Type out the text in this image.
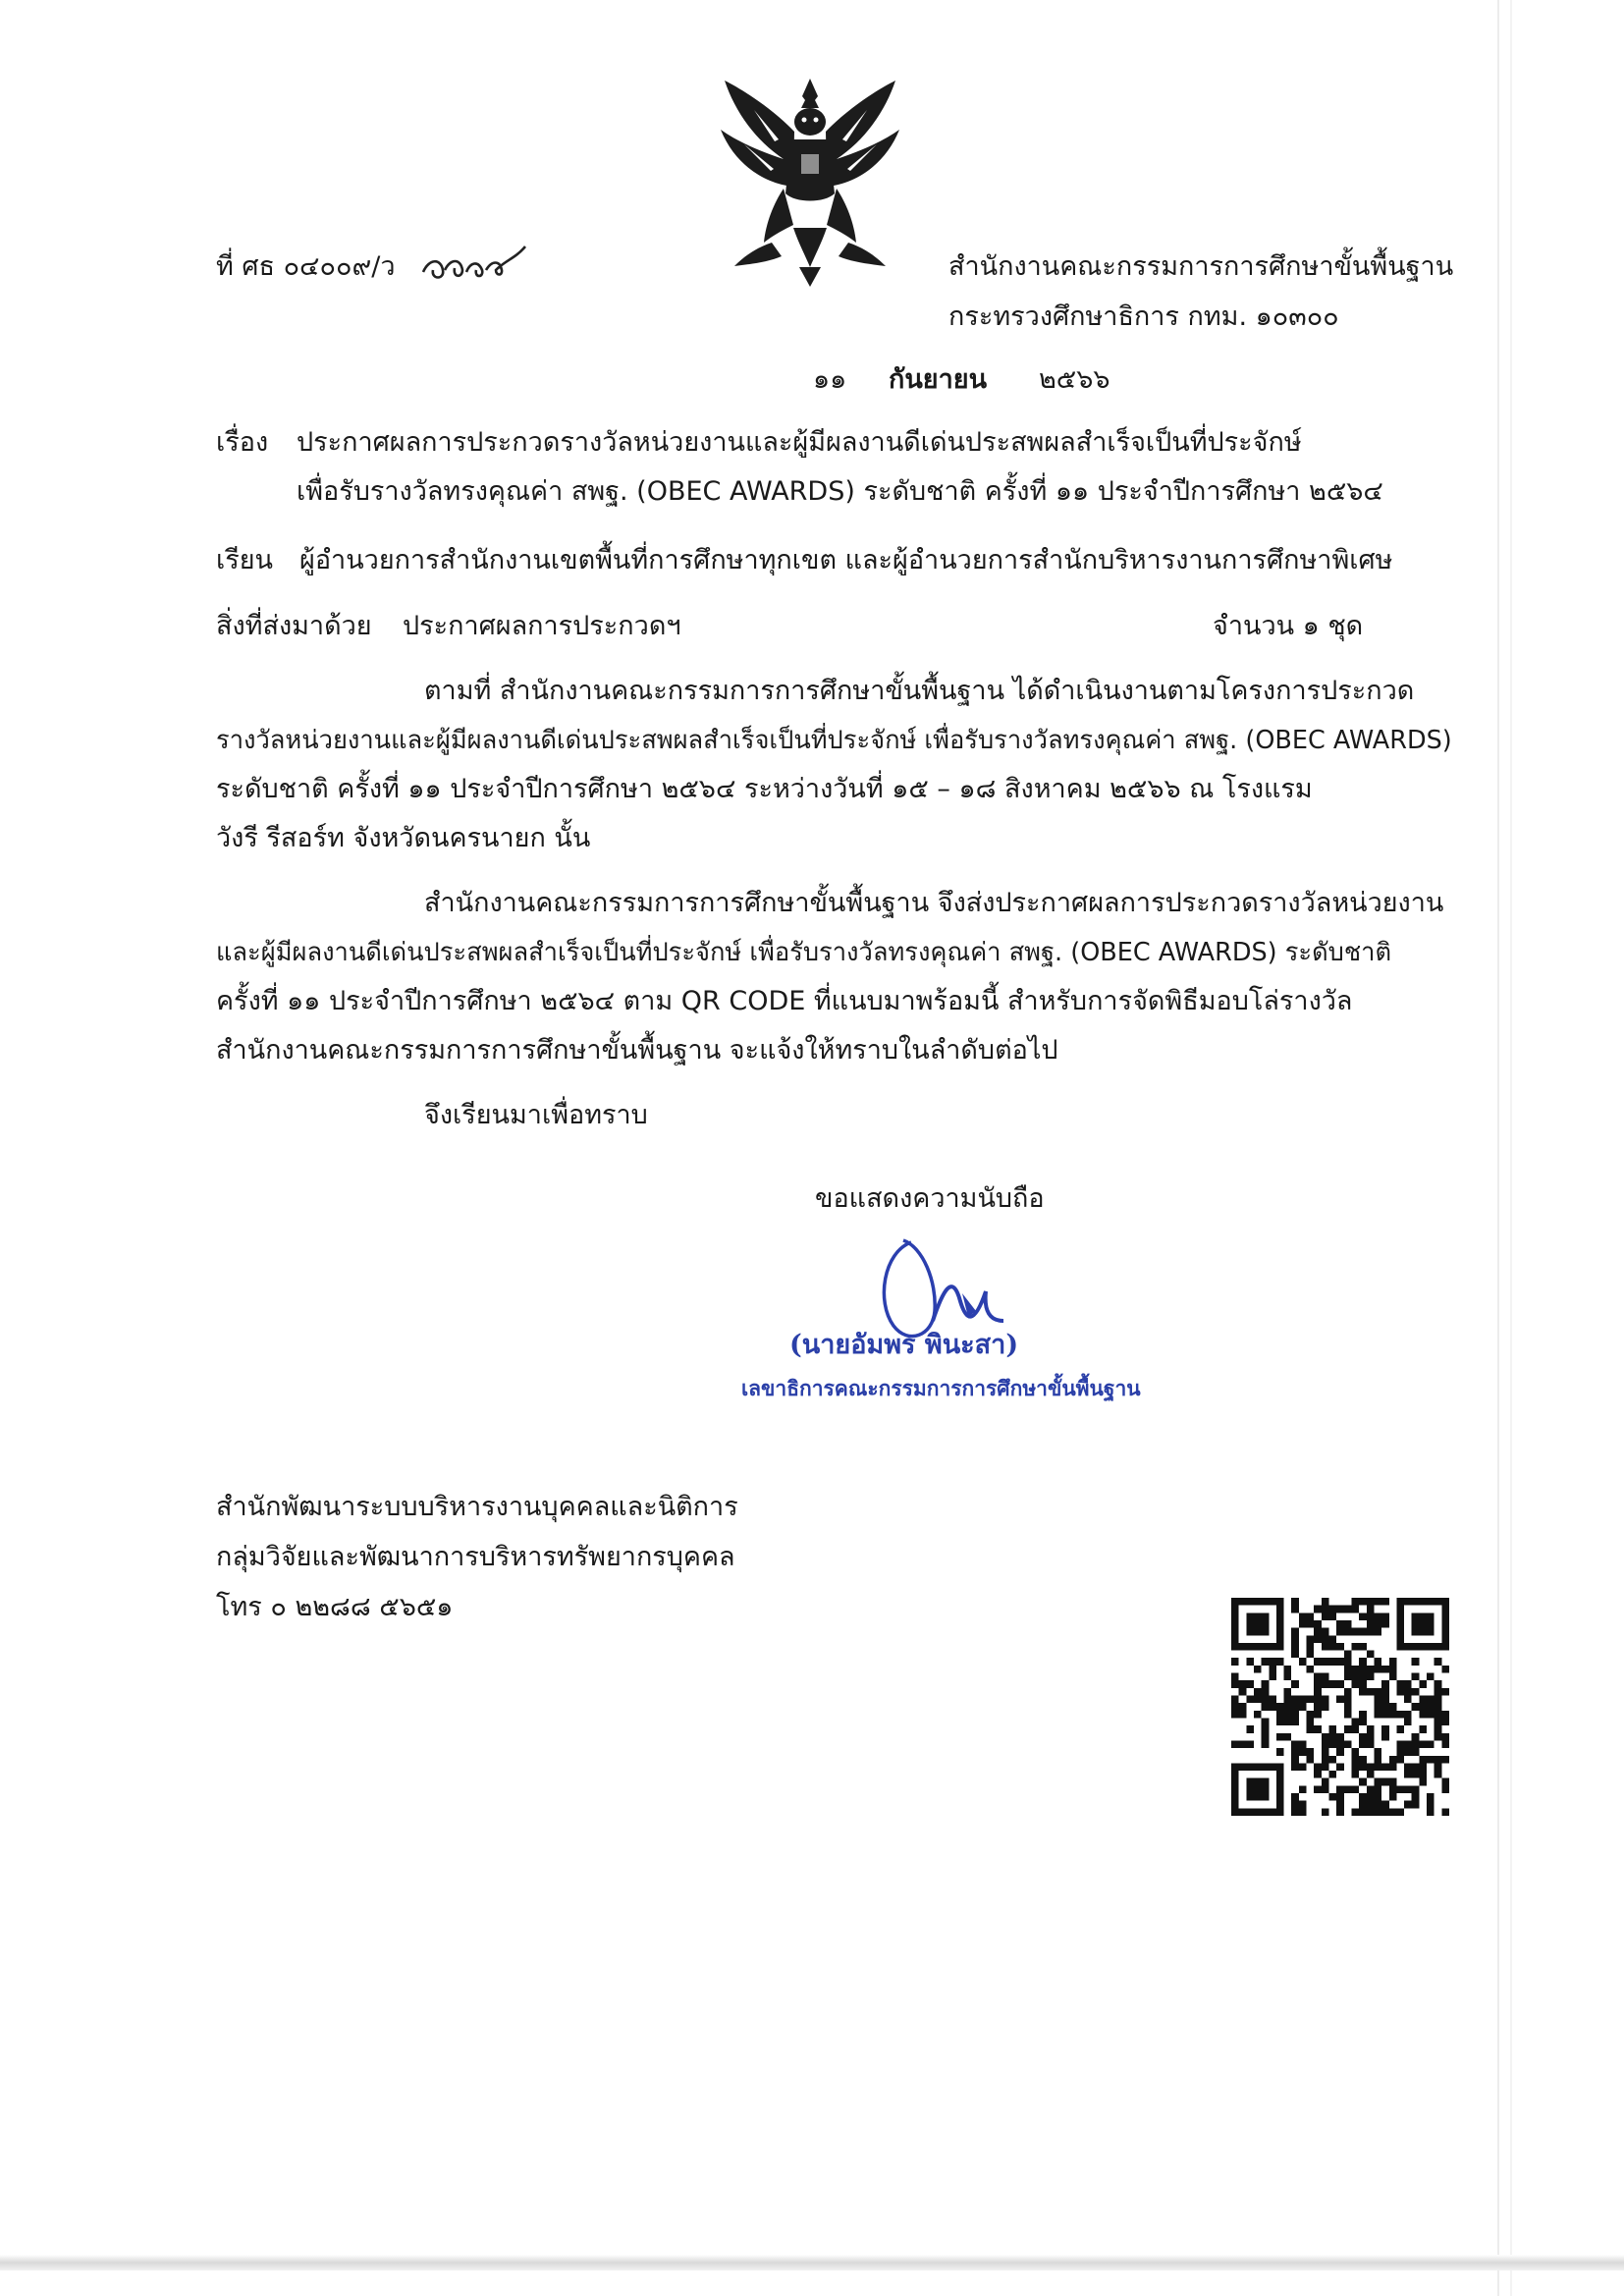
ที่ ศธ ๐๔๐๐๙/ว	สำนักงานคณะกรรมการการศึกษาขั้นพื้นฐาน
กระทรวงศึกษาธิการ กทม. ๑๐๓๐๐
๑๑ กันยายน ๒๕๖๖
เรื่อง ประกาศผลการประกวดรางวัลหน่วยงานและผู้มีผลงานดีเด่นประสพผลสำเร็จเป็นที่ประจักษ์
เพื่อรับรางวัลทรงคุณค่า สพฐ. (OBEC AWARDS) ระดับชาติ ครั้งที่ ๑๑ ประจำปีการศึกษา ๒๕๖๔
เรียน ผู้อำนวยการสำนักงานเขตพื้นที่การศึกษาทุกเขต และผู้อำนวยการสำนักบริหารงานการศึกษาพิเศษ
สิ่งที่ส่งมาด้วย ประกาศผลการประกวดฯ	จำนวน ๑ ชุด
ตามที่ สำนักงานคณะกรรมการการศึกษาขั้นพื้นฐาน ได้ดำเนินงานตามโครงการประกวด
รางวัลหน่วยงานและผู้มีผลงานดีเด่นประสพผลสำเร็จเป็นที่ประจักษ์ เพื่อรับรางวัลทรงคุณค่า สพฐ. (OBEC AWARDS)
ระดับชาติ ครั้งที่ ๑๑ ประจำปีการศึกษา ๒๕๖๔ ระหว่างวันที่ ๑๕ – ๑๘ สิงหาคม ๒๕๖๖ ณ โรงแรม
วังรี รีสอร์ท จังหวัดนครนายก นั้น
สำนักงานคณะกรรมการการศึกษาขั้นพื้นฐาน จึงส่งประกาศผลการประกวดรางวัลหน่วยงาน
และผู้มีผลงานดีเด่นประสพผลสำเร็จเป็นที่ประจักษ์ เพื่อรับรางวัลทรงคุณค่า สพฐ. (OBEC AWARDS) ระดับชาติ
ครั้งที่ ๑๑ ประจำปีการศึกษา ๒๕๖๔ ตาม QR CODE ที่แนบมาพร้อมนี้ สำหรับการจัดพิธีมอบโล่รางวัล
สำนักงานคณะกรรมการการศึกษาขั้นพื้นฐาน จะแจ้งให้ทราบในลำดับต่อไป
จึงเรียนมาเพื่อทราบ
ขอแสดงความนับถือ
(นายอัมพร พินะสา)
เลขาธิการคณะกรรมการการศึกษาขั้นพื้นฐาน
สำนักพัฒนาระบบบริหารงานบุคคลและนิติการ
กลุ่มวิจัยและพัฒนาการบริหารทรัพยากรบุคคล
โทร ๐ ๒๒๘๘ ๕๖๕๑
